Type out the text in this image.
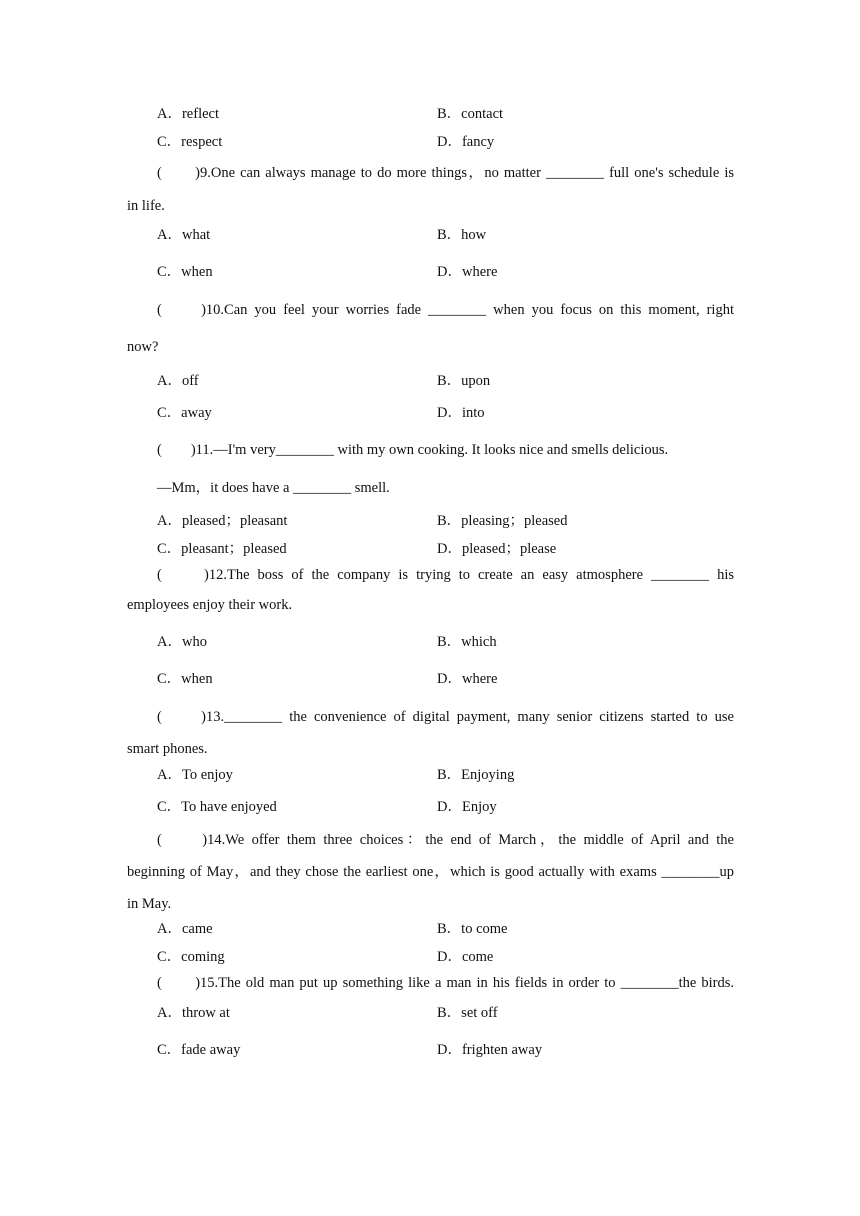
A．reflect	B．contact
C．respect	D．fancy
(　　)9.One can always manage to do more things，no matter ________ full one's schedule is
in life.
A．what	B．how
C．when	D．where
(　　)10.Can you feel your worries fade ________ when you focus on this moment, right
now?
A．off	B．upon
C．away	D．into
(　　)11.—I'm very________ with my own cooking. It looks nice and smells delicious.
—Mm，it does have a ________ smell.
A．pleased；pleasant	B．pleasing；pleased
C．pleasant；pleased	D．pleased；please
(　　)12.The boss of the company is trying to create an easy atmosphere ________ his
employees enjoy their work.
A．who	B．which
C．when	D．where
(　　)13.________ the convenience of digital payment, many senior citizens started to use
smart phones.
A．To enjoy	B．Enjoying
C．To have enjoyed	D．Enjoy
(　　)14.We offer them three choices：the end of March，the middle of April and the
beginning of May，and they chose the earliest one，which is good actually with exams ________up
in May.
A．came	B．to come
C．coming	D．come
(　　)15.The old man put up something like a man in his fields in order to ________the birds.
A．throw at	B．set off
C．fade away	D．frighten away
